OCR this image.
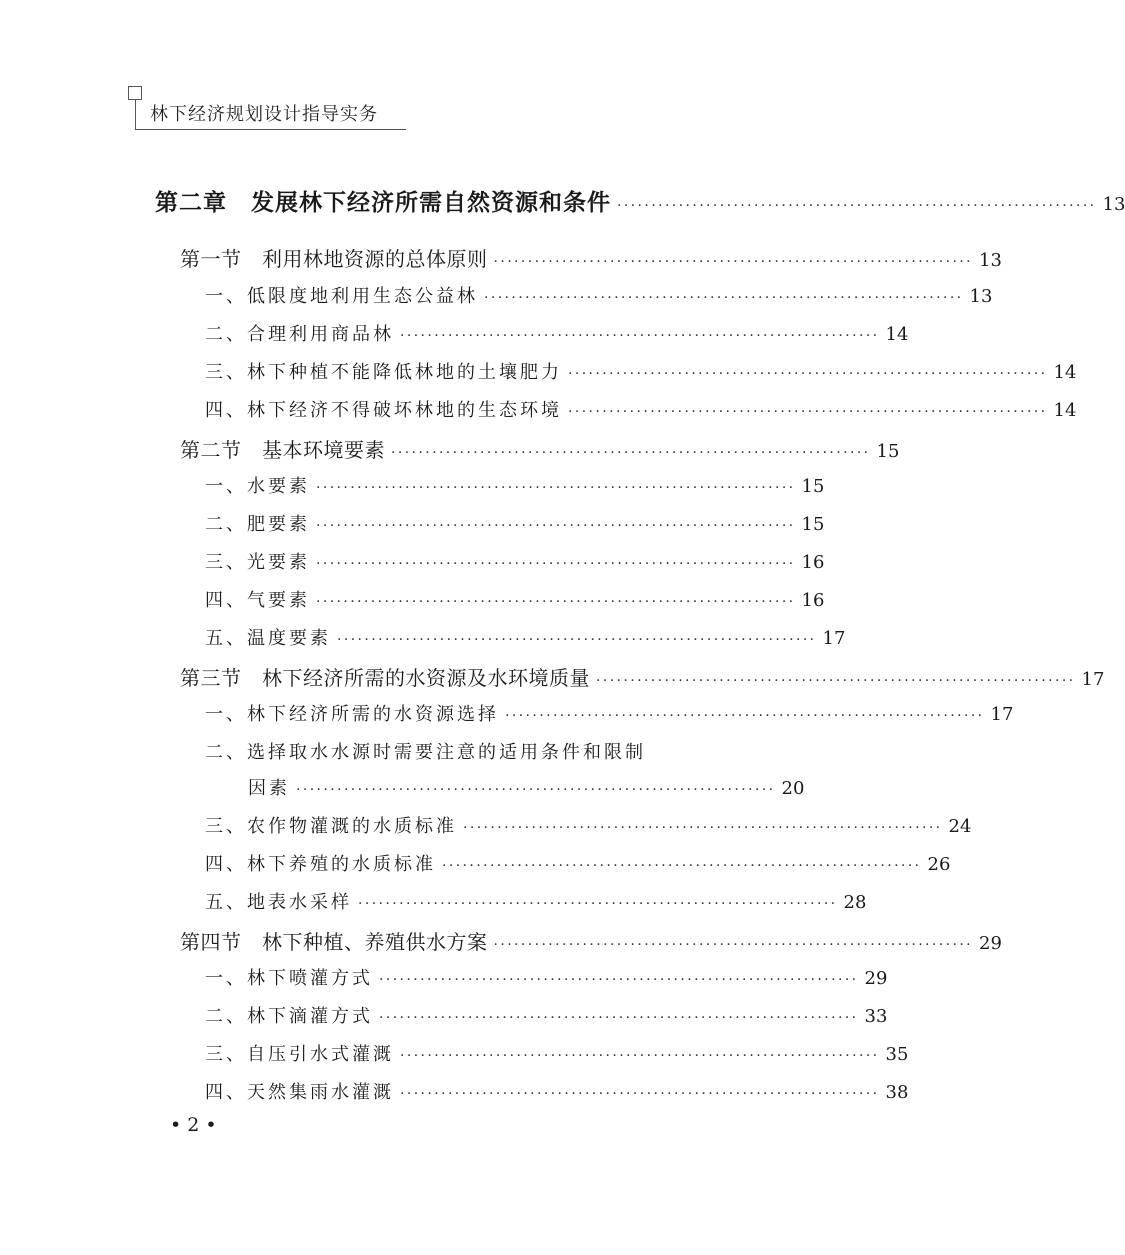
林下经济规划设计指导实务
第二章　发展林下经济所需自然资源和条件 ······································································ 13
第一节　利用林地资源的总体原则 ······································································ 13
一、低限度地利用生态公益林 ······································································ 13
二、合理利用商品林 ······································································ 14
三、林下种植不能降低林地的土壤肥力 ······································································ 14
四、林下经济不得破坏林地的生态环境 ······································································ 14
第二节　基本环境要素 ······································································ 15
一、水要素 ······································································ 15
二、肥要素 ······································································ 15
三、光要素 ······································································ 16
四、气要素 ······································································ 16
五、温度要素 ······································································ 17
第三节　林下经济所需的水资源及水环境质量 ······································································ 17
一、林下经济所需的水资源选择 ······································································ 17
二、选择取水水源时需要注意的适用条件和限制
因素 ······································································ 20
三、农作物灌溉的水质标准 ······································································ 24
四、林下养殖的水质标准 ······································································ 26
五、地表水采样 ······································································ 28
第四节　林下种植、养殖供水方案 ······································································ 29
一、林下喷灌方式 ······································································ 29
二、林下滴灌方式 ······································································ 33
三、自压引水式灌溉 ······································································ 35
四、天然集雨水灌溉 ······································································ 38
• 2 •
